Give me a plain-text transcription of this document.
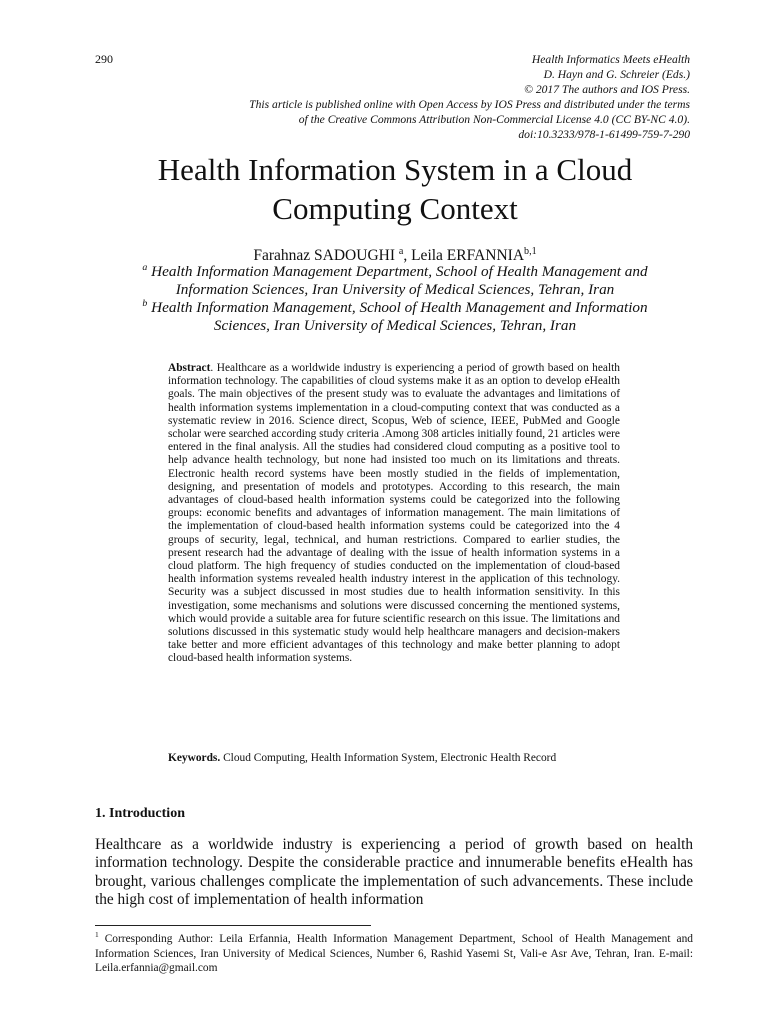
290	Health Informatics Meets eHealth
D. Hayn and G. Schreier (Eds.)
© 2017 The authors and IOS Press.
This article is published online with Open Access by IOS Press and distributed under the terms
of the Creative Commons Attribution Non-Commercial License 4.0 (CC BY-NC 4.0).
doi:10.3233/978-1-61499-759-7-290
Health Information System in a Cloud Computing Context
Farahnaz SADOUGHI $^a$, Leila ERFANNIA$^{b,1}$
$^a$ Health Information Management Department, School of Health Management and
Information Sciences, Iran University of Medical Sciences, Tehran, Iran
$^b$ Health Information Management, School of Health Management and Information
Sciences, Iran University of Medical Sciences, Tehran, Iran
Abstract. Healthcare as a worldwide industry is experiencing a period of growth based on health information technology. The capabilities of cloud systems make it as an option to develop eHealth goals. The main objectives of the present study was to evaluate the advantages and limitations of health information systems implementation in a cloud-computing context that was conducted as a systematic review in 2016. Science direct, Scopus, Web of science, IEEE, PubMed and Google scholar were searched according study criteria .Among 308 articles initially found, 21 articles were entered in the final analysis. All the studies had considered cloud computing as a positive tool to help advance health technology, but none had insisted too much on its limitations and threats. Electronic health record systems have been mostly studied in the fields of implementation, designing, and presentation of models and prototypes. According to this research, the main advantages of cloud-based health information systems could be categorized into the following groups: economic benefits and advantages of information management. The main limitations of the implementation of cloud-based health information systems could be categorized into the 4 groups of security, legal, technical, and human restrictions. Compared to earlier studies, the present research had the advantage of dealing with the issue of health information systems in a cloud platform. The high frequency of studies conducted on the implementation of cloud-based health information systems revealed health industry interest in the application of this technology. Security was a subject discussed in most studies due to health information sensitivity. In this investigation, some mechanisms and solutions were discussed concerning the mentioned systems, which would provide a suitable area for future scientific research on this issue. The limitations and solutions discussed in this systematic study would help healthcare managers and decision-makers take better and more efficient advantages of this technology and make better planning to adopt cloud-based health information systems.
Keywords. Cloud Computing, Health Information System, Electronic Health Record
1. Introduction
Healthcare as a worldwide industry is experiencing a period of growth based on health information technology. Despite the considerable practice and innumerable benefits eHealth has brought, various challenges complicate the implementation of such advancements. These include the high cost of implementation of health information
$^1$ Corresponding Author: Leila Erfannia, Health Information Management Department, School of Health Management and Information Sciences, Iran University of Medical Sciences, Number 6, Rashid Yasemi St, Vali-e Asr Ave, Tehran, Iran. E-mail: Leila.erfannia@gmail.com
